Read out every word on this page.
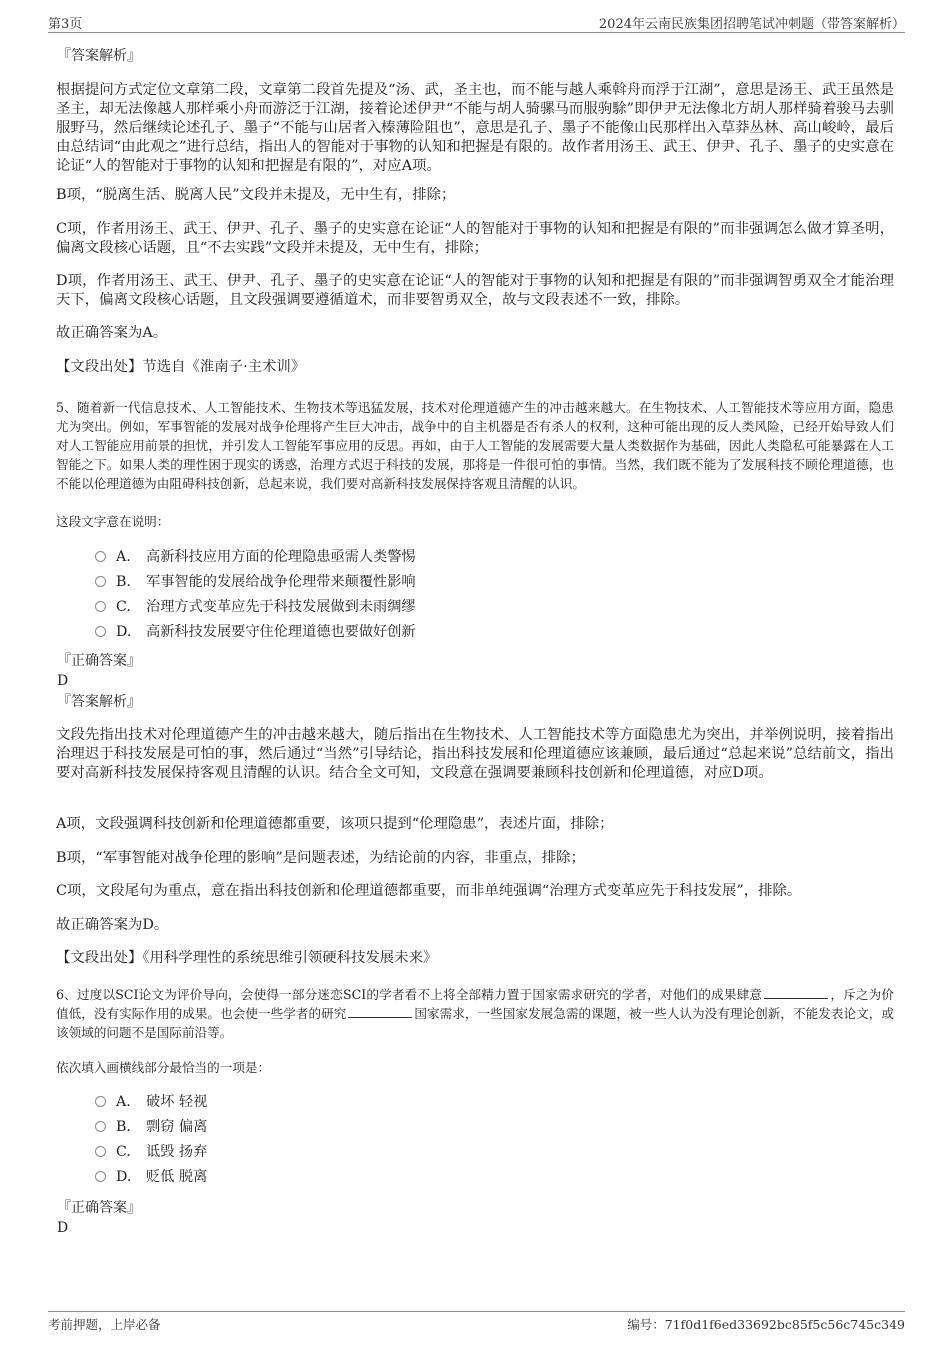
第3页	2024年云南民族集团招聘笔试冲刺题（带答案解析）
『答案解析』

根据提问方式定位文章第二段，文章第二段首先提及“汤、武，圣主也，而不能与越人乘斡舟而浮于江湖”，意思是汤王、武王虽然是圣主，却无法像越人那样乘小舟而游泛于江湖，接着论述伊尹“不能与胡人骑骡马而服驹駼”即伊尹无法像北方胡人那样骑着骏马去驯服野马，然后继续论述孔子、墨子“不能与山居者入榛薄险阻也”，意思是孔子、墨子不能像山民那样出入草莽丛林、高山峻岭，最后由总结词“由此观之”进行总结，指出人的智能对于事物的认知和把握是有限的。故作者用汤王、武王、伊尹、孔子、墨子的史实意在论证“人的智能对于事物的认知和把握是有限的”，对应A项。

B项，“脱离生活、脱离人民”文段并未提及，无中生有，排除；

C项，作者用汤王、武王、伊尹、孔子、墨子的史实意在论证“人的智能对于事物的认知和把握是有限的”而非强调怎么做才算圣明，偏离文段核心话题，且“不去实践”文段并未提及，无中生有，排除；

D项，作者用汤王、武王、伊尹、孔子、墨子的史实意在论证“人的智能对于事物的认知和把握是有限的”而非强调智勇双全才能治理天下，偏离文段核心话题，且文段强调要遵循道术，而非要智勇双全，故与文段表述不一致，排除。

故正确答案为A。

【文段出处】节选自《淮南子·主术训》

5、随着新一代信息技术、人工智能技术、生物技术等迅猛发展，技术对伦理道德产生的冲击越来越大。在生物技术、人工智能技术等应用方面，隐患尤为突出。例如，军事智能的发展对战争伦理将产生巨大冲击，战争中的自主机器是否有杀人的权利，这种可能出现的反人类风险，已经开始导致人们对人工智能应用前景的担忧，并引发人工智能军事应用的反思。再如，由于人工智能的发展需要大量人类数据作为基础，因此人类隐私可能暴露在人工智能之下。如果人类的理性困于现实的诱惑，治理方式迟于科技的发展，那将是一件很可怕的事情。当然，我们既不能为了发展科技不顾伦理道德，也不能以伦理道德为由阻碍科技创新，总起来说，我们要对高新科技发展保持客观且清醒的认识。

这段文字意在说明：

A. 高新科技应用方面的伦理隐患亟需人类警惕
B. 军事智能的发展给战争伦理带来颠覆性影响
C. 治理方式变革应先于科技发展做到未雨绸缪
D. 高新科技发展要守住伦理道德也要做好创新
『正确答案』
D
『答案解析』

文段先指出技术对伦理道德产生的冲击越来越大，随后指出在生物技术、人工智能技术等方面隐患尤为突出，并举例说明，接着指出治理迟于科技发展是可怕的事，然后通过“当然”引导结论，指出科技发展和伦理道德应该兼顾，最后通过“总起来说”总结前文，指出要对高新科技发展保持客观且清醒的认识。结合全文可知，文段意在强调要兼顾科技创新和伦理道德，对应D项。

A项，文段强调科技创新和伦理道德都重要，该项只提到“伦理隐患”，表述片面，排除；

B项，“军事智能对战争伦理的影响”是问题表述，为结论前的内容，非重点，排除；

C项，文段尾句为重点，意在指出科技创新和伦理道德都重要，而非单纯强调“治理方式变革应先于科技发展”，排除。

故正确答案为D。

【文段出处】《用科学理性的系统思维引领硬科技发展未来》

6、过度以SCI论文为评价导向，会使得一部分迷恋SCI的学者看不上将全部精力置于国家需求研究的学者，对他们的成果肆意	，斥之为价值低，没有实际作用的成果。也会使一些学者的研究	国家需求，一些国家发展急需的课题，被一些人认为没有理论创新，不能发表论文，或该领域的问题不是国际前沿等。

依次填入画横线部分最恰当的一项是：

A. 破坏 轻视
B. 剽窃 偏离
C. 诋毁 扬弃
D. 贬低 脱离
『正确答案』
D
考前押题，上岸必备	编号：71f0d1f6ed33692bc85f5c56c745c349
